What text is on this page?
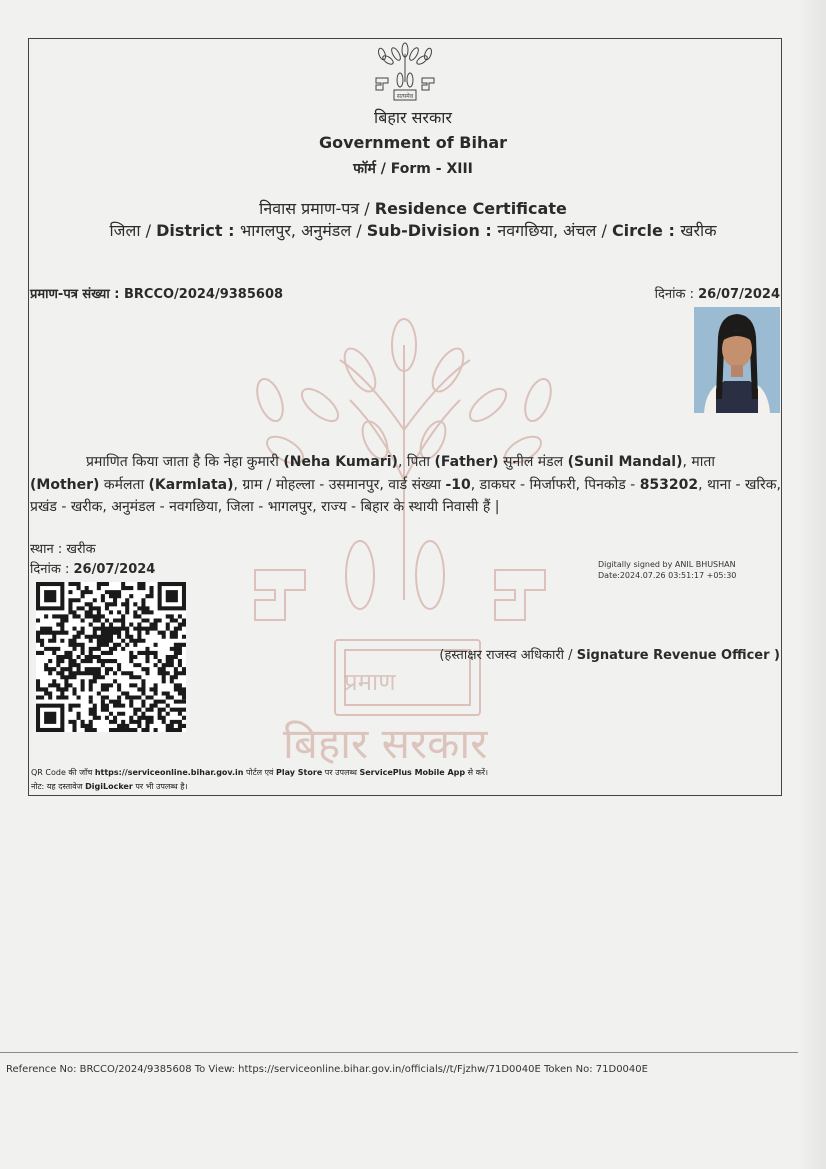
प्रमाण
बिहार सरकार
सत्यमेव
बिहार सरकार
Government of Bihar
फॉर्म / Form - XIII
निवास प्रमाण-पत्र / Residence Certificate
जिला / District : भागलपुर, अनुमंडल / Sub-Division : नवगछिया, अंचल / Circle : खरीक
प्रमाण-पत्र संख्या : BRCCO/2024/9385608	दिनांक : 26/07/2024
प्रमाणित किया जाता है कि नेहा कुमारी (Neha Kumari), पिता (Father) सुनील मंडल (Sunil Mandal), माता (Mother) कर्मलता (Karmlata), ग्राम / मोहल्ला - उसमानपुर, वार्ड संख्या -10, डाकघर - मिर्जाफरी, पिनकोड - 853202, थाना - खरिक, प्रखंड - खरीक, अनुमंडल - नवगछिया, जिला - भागलपुर, राज्य - बिहार के स्थायी निवासी हैं |
स्थान : खरीक
दिनांक : 26/07/2024	Digitally signed by ANIL BHUSHAN
Date:2024.07.26 03:51:17 +05:30
(हस्ताक्षर राजस्व अधिकारी / Signature Revenue Officer )
QR Code की जाँच https://serviceonline.bihar.gov.in पोर्टल एवं Play Store पर उपलब्ध ServicePlus Mobile App से करें।
नोट: यह दस्तावेज DigiLocker पर भी उपलब्ध है।
Reference No: BRCCO/2024/9385608 To View: https://serviceonline.bihar.gov.in/officials//t/Fjzhw/71D0040E Token No: 71D0040E
